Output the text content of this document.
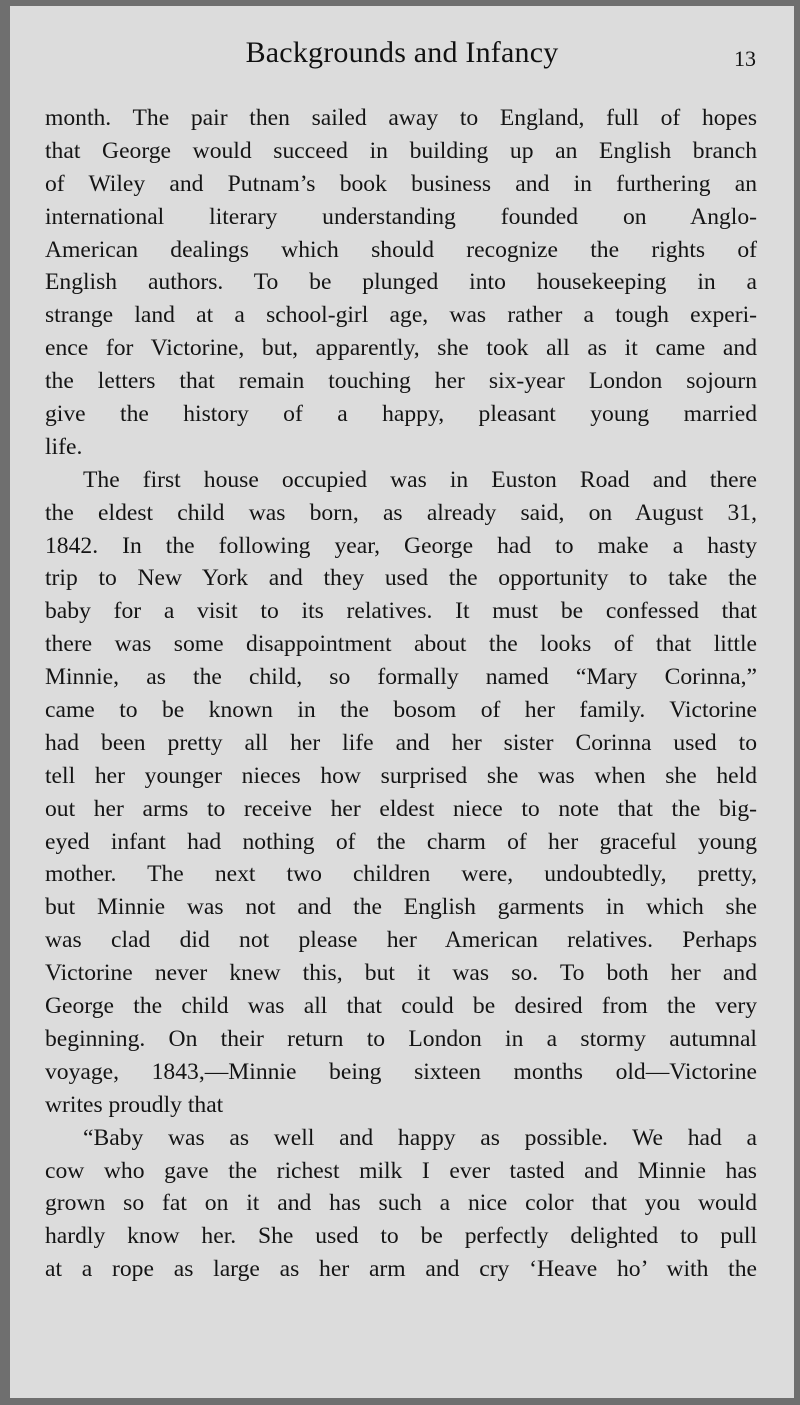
Backgrounds and Infancy	13
month. The pair then sailed away to England, full of hopes
that George would succeed in building up an English branch
of Wiley and Putnam’s book business and in furthering an
international literary understanding founded on Anglo-
American dealings which should recognize the rights of
English authors. To be plunged into housekeeping in a
strange land at a school-girl age, was rather a tough experi-
ence for Victorine, but, apparently, she took all as it came and
the letters that remain touching her six-year London sojourn
give the history of a happy, pleasant young married
life.
The first house occupied was in Euston Road and there
the eldest child was born, as already said, on August 31,
1842. In the following year, George had to make a hasty
trip to New York and they used the opportunity to take the
baby for a visit to its relatives. It must be confessed that
there was some disappointment about the looks of that little
Minnie, as the child, so formally named “Mary Corinna,”
came to be known in the bosom of her family. Victorine
had been pretty all her life and her sister Corinna used to
tell her younger nieces how surprised she was when she held
out her arms to receive her eldest niece to note that the big-
eyed infant had nothing of the charm of her graceful young
mother. The next two children were, undoubtedly, pretty,
but Minnie was not and the English garments in which she
was clad did not please her American relatives. Perhaps
Victorine never knew this, but it was so. To both her and
George the child was all that could be desired from the very
beginning. On their return to London in a stormy autumnal
voyage, 1843,—Minnie being sixteen months old—Victorine
writes proudly that
“Baby was as well and happy as possible. We had a
cow who gave the richest milk I ever tasted and Minnie has
grown so fat on it and has such a nice color that you would
hardly know her. She used to be perfectly delighted to pull
at a rope as large as her arm and cry ‘Heave ho’ with the
